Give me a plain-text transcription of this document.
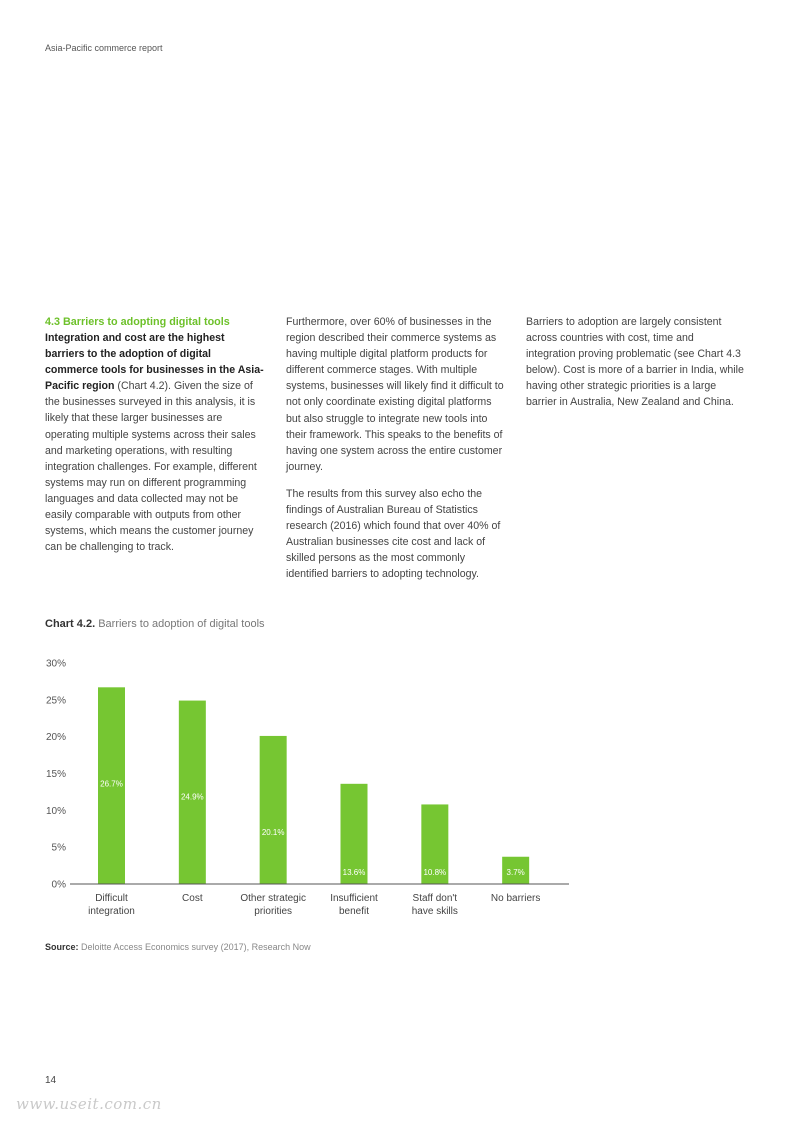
Asia-Pacific commerce report
4.3 Barriers to adopting digital tools

Integration and cost are the highest barriers to the adoption of digital commerce tools for businesses in the Asia-Pacific region (Chart 4.2). Given the size of the businesses surveyed in this analysis, it is likely that these larger businesses are operating multiple systems across their sales and marketing operations, with resulting integration challenges. For example, different systems may run on different programming languages and data collected may not be easily comparable with outputs from other systems, which means the customer journey can be challenging to track.

Furthermore, over 60% of businesses in the region described their commerce systems as having multiple digital platform products for different commerce stages. With multiple systems, businesses will likely find it difficult to not only coordinate existing digital platforms but also struggle to integrate new tools into their framework. This speaks to the benefits of having one system across the entire customer journey.

The results from this survey also echo the findings of Australian Bureau of Statistics research (2016) which found that over 40% of Australian businesses cite cost and lack of skilled persons as the most commonly identified barriers to adopting technology.

Barriers to adoption are largely consistent across countries with cost, time and integration proving problematic (see Chart 4.3 below). Cost is more of a barrier in India, while having other strategic priorities is a large barrier in Australia, New Zealand and China.

Chart 4.2. Barriers to adoption of digital tools
0%
5%
10%
15%
20%
25%
30%
26.7%
Difficult
integration
24.9%
Cost
20.1%
Other strategic
priorities
13.6%
Insufficient
benefit
10.8%
Staff don't
have skills
3.7%
No barriers
Source: Deloitte Access Economics survey (2017), Research Now
14
www.useit.com.cn
